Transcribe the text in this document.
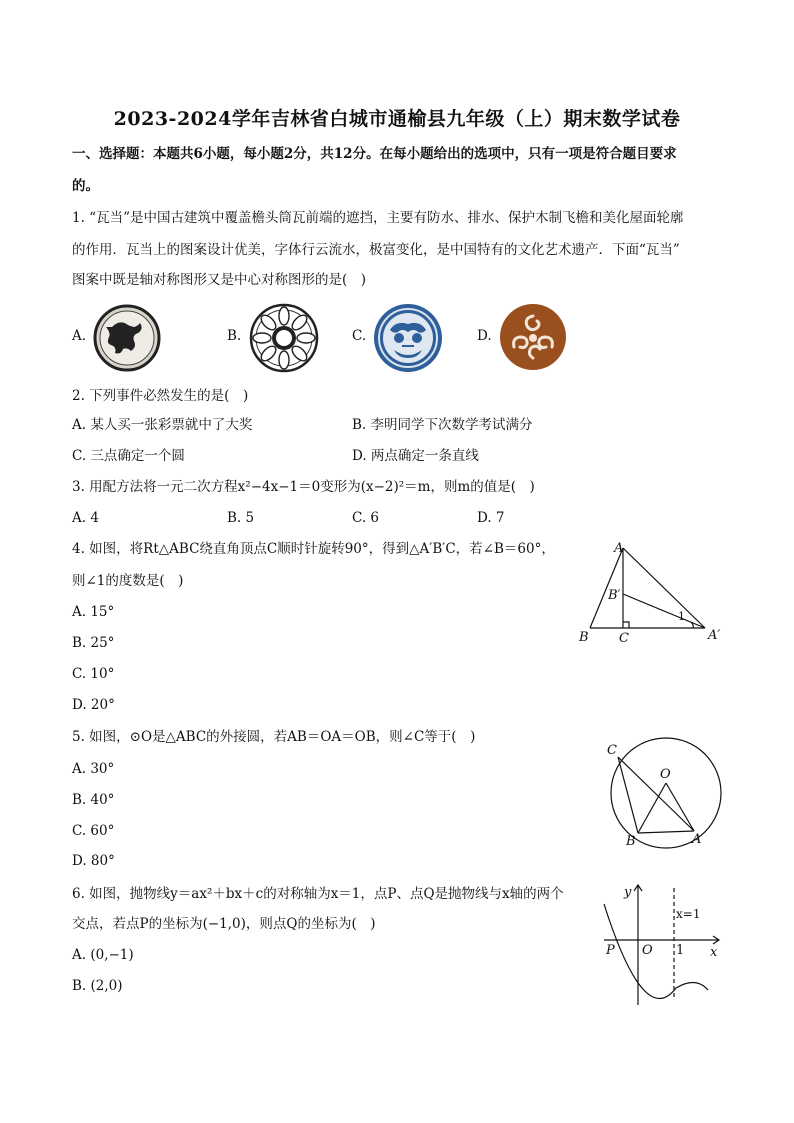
2023-2024学年吉林省白城市通榆县九年级（上）期末数学试卷
一、选择题：本题共6小题，每小题2分，共12分。在每小题给出的选项中，只有一项是符合题目要求
的。
1. “瓦当”是中国古建筑中覆盖檐头筒瓦前端的遮挡，主要有防水、排水、保护木制飞檐和美化屋面轮廓
的作用．瓦当上的图案设计优美，字体行云流水，极富变化，是中国特有的文化艺术遗产．下面“瓦当”
图案中既是轴对称图形又是中心对称图形的是(　)
A.	B.	C.	D.
2. 下列事件必然发生的是(　)
A. 某人买一张彩票就中了大奖	B. 李明同学下次数学考试满分
C. 三点确定一个圆	D. 两点确定一条直线
3. 用配方法将一元二次方程x²−4x−1＝0变形为(x−2)²＝m，则m的值是(　)
A. 4	B. 5	C. 6	D. 7
4. 如图，将Rt△ABC绕直角顶点C顺时针旋转90°，得到△A′B′C，若∠B＝60°，
则∠1的度数是(　)
A. 15°
B. 25°
C. 10°
D. 20°
A
B′
B C	A′
1
5. 如图，⊙O是△ABC的外接圆，若AB＝OA＝OB，则∠C等于(　)
A. 30°
B. 40°
C. 60°
D. 80°
C
O
B	A
6. 如图，抛物线y＝ax²＋bx＋c的对称轴为x＝1，点P、点Q是抛物线与x轴的两个
交点，若点P的坐标为(−1,0)，则点Q的坐标为(　)
A. (0,−1)
B. (2,0)
y
x=1
P O 1 x
